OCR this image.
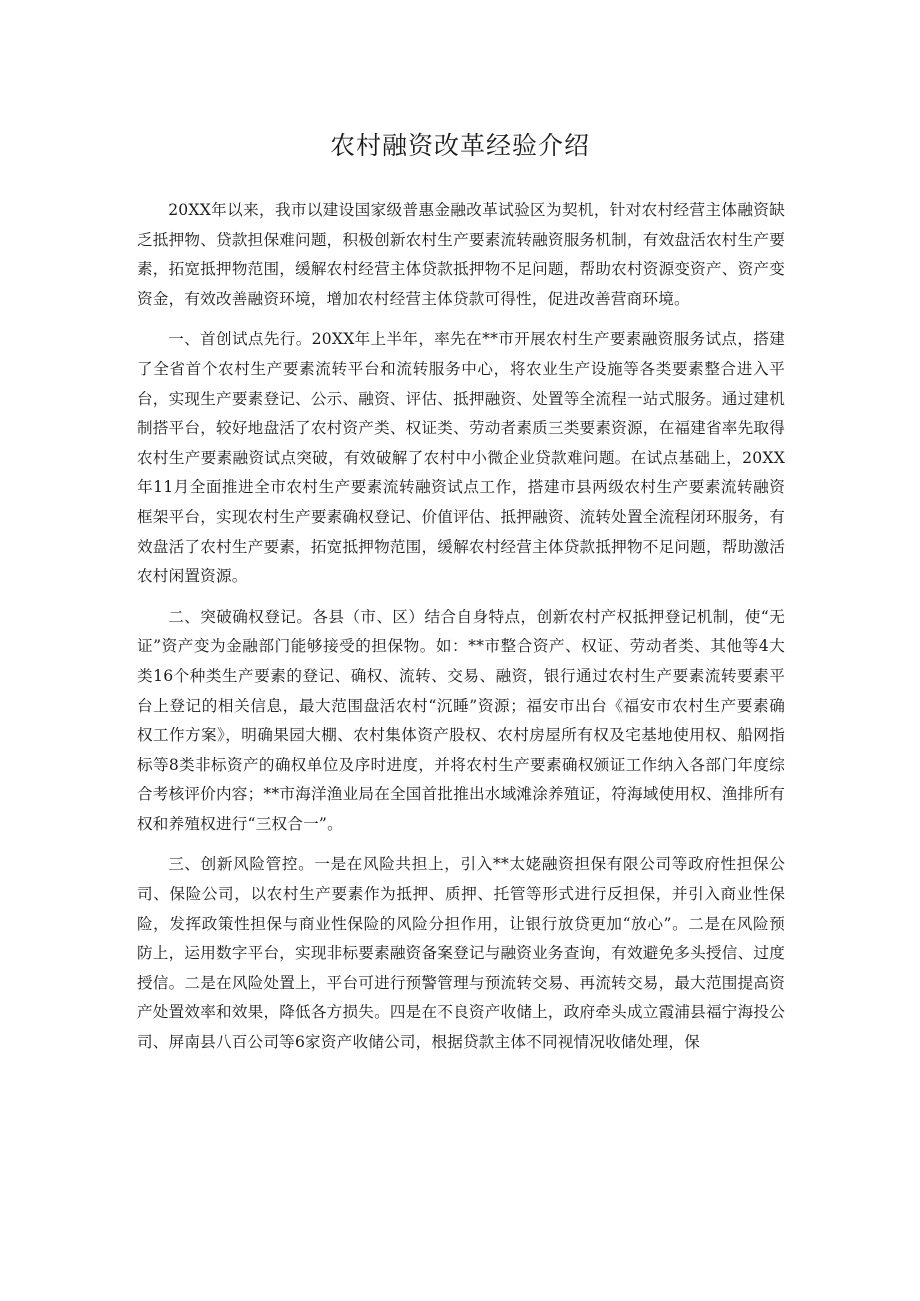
农村融资改革经验介绍

20XX年以来，我市以建设国家级普惠金融改革试验区为契机，针对农村经营主体融资缺乏抵押物、贷款担保难问题，积极创新农村生产要素流转融资服务机制，有效盘活农村生产要素，拓宽抵押物范围，缓解农村经营主体贷款抵押物不足问题，帮助农村资源变资产、资产变资金，有效改善融资环境，增加农村经营主体贷款可得性，促进改善营商环境。

一、首创试点先行。20XX年上半年，率先在**市开展农村生产要素融资服务试点，搭建了全省首个农村生产要素流转平台和流转服务中心，将农业生产设施等各类要素整合进入平台，实现生产要素登记、公示、融资、评估、抵押融资、处置等全流程一站式服务。通过建机制搭平台，较好地盘活了农村资产类、权证类、劳动者素质三类要素资源，在福建省率先取得农村生产要素融资试点突破，有效破解了农村中小微企业贷款难问题。在试点基础上，20XX年11月全面推进全市农村生产要素流转融资试点工作，搭建市县两级农村生产要素流转融资框架平台，实现农村生产要素确权登记、价值评估、抵押融资、流转处置全流程闭环服务，有效盘活了农村生产要素，拓宽抵押物范围，缓解农村经营主体贷款抵押物不足问题，帮助激活农村闲置资源。

二、突破确权登记。各县（市、区）结合自身特点，创新农村产权抵押登记机制，使“无证”资产变为金融部门能够接受的担保物。如：**市整合资产、权证、劳动者类、其他等4大类16个种类生产要素的登记、确权、流转、交易、融资，银行通过农村生产要素流转要素平台上登记的相关信息，最大范围盘活农村“沉睡”资源；福安市出台《福安市农村生产要素确权工作方案》，明确果园大棚、农村集体资产股权、农村房屋所有权及宅基地使用权、船网指标等8类非标资产的确权单位及序时进度，并将农村生产要素确权颁证工作纳入各部门年度综合考核评价内容；**市海洋渔业局在全国首批推出水域滩涂养殖证，符海域使用权、渔排所有权和养殖权进行“三权合一”。

三、创新风险管控。一是在风险共担上，引入**太姥融资担保有限公司等政府性担保公司、保险公司，以农村生产要素作为抵押、质押、托管等形式进行反担保，并引入商业性保险，发挥政策性担保与商业性保险的风险分担作用，让银行放贷更加“放心”。二是在风险预防上，运用数字平台，实现非标要素融资备案登记与融资业务查询，有效避免多头授信、过度授信。二是在风险处置上，平台可进行预警管理与预流转交易、再流转交易，最大范围提高资产处置效率和效果，降低各方损失。四是在不良资产收储上，政府牵头成立霞浦县福宁海投公司、屏南县八百公司等6家资产收储公司，根据贷款主体不同视情况收储处理，保
